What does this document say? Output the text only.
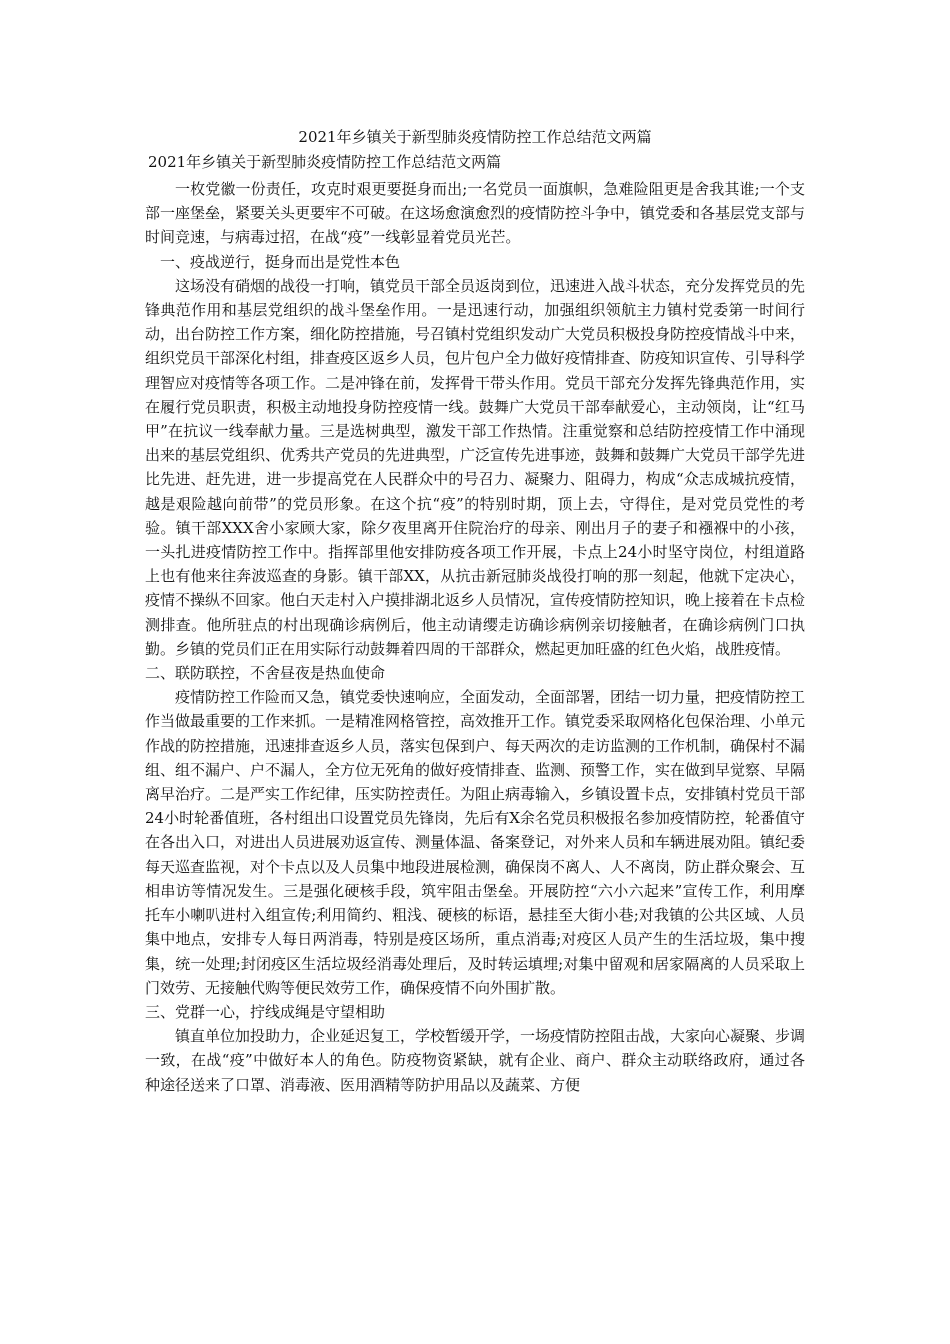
2021年乡镇关于新型肺炎疫情防控工作总结范文两篇
2021年乡镇关于新型肺炎疫情防控工作总结范文两篇

一枚党徽一份责任，攻克时艰更要挺身而出;一名党员一面旗帜，急难险阻更是舍我其谁;一个支部一座堡垒，紧要关头更要牢不可破。在这场愈演愈烈的疫情防控斗争中，镇党委和各基层党支部与时间竞速，与病毒过招，在战“疫”一线彰显着党员光芒。

一、疫战逆行，挺身而出是党性本色

这场没有硝烟的战役一打响，镇党员干部全员返岗到位，迅速进入战斗状态，充分发挥党员的先锋典范作用和基层党组织的战斗堡垒作用。一是迅速行动，加强组织领航主力镇村党委第一时间行动，出台防控工作方案，细化防控措施，号召镇村党组织发动广大党员积极投身防控疫情战斗中来，组织党员干部深化村组，排查疫区返乡人员，包片包户全力做好疫情排查、防疫知识宣传、引导科学理智应对疫情等各项工作。二是冲锋在前，发挥骨干带头作用。党员干部充分发挥先锋典范作用，实在履行党员职责，积极主动地投身防控疫情一线。鼓舞广大党员干部奉献爱心，主动领岗，让“红马甲”在抗议一线奉献力量。三是选树典型，激发干部工作热情。注重觉察和总结防控疫情工作中涌现出来的基层党组织、优秀共产党员的先进典型，广泛宣传先进事迹，鼓舞和鼓舞广大党员干部学先进比先进、赶先进，进一步提高党在人民群众中的号召力、凝聚力、阻碍力，构成“众志成城抗疫情，越是艰险越向前带”的党员形象。在这个抗“疫”的特别时期，顶上去，守得住，是对党员党性的考验。镇干部XXX舍小家顾大家，除夕夜里离开住院治疗的母亲、刚出月子的妻子和襁褓中的小孩，一头扎进疫情防控工作中。指挥部里他安排防疫各项工作开展，卡点上24小时坚守岗位，村组道路上也有他来往奔波巡查的身影。镇干部XX，从抗击新冠肺炎战役打响的那一刻起，他就下定决心，疫情不操纵不回家。他白天走村入户摸排湖北返乡人员情况，宣传疫情防控知识，晚上接着在卡点检测排查。他所驻点的村出现确诊病例后，他主动请缨走访确诊病例亲切接触者，在确诊病例门口执勤。乡镇的党员们正在用实际行动鼓舞着四周的干部群众，燃起更加旺盛的红色火焰，战胜疫情。

二、联防联控，不舍昼夜是热血使命

疫情防控工作险而又急，镇党委快速响应，全面发动，全面部署，团结一切力量，把疫情防控工作当做最重要的工作来抓。一是精准网格管控，高效推开工作。镇党委采取网格化包保治理、小单元作战的防控措施，迅速排查返乡人员，落实包保到户、每天两次的走访监测的工作机制，确保村不漏组、组不漏户、户不漏人，全方位无死角的做好疫情排查、监测、预警工作，实在做到早觉察、早隔离早治疗。二是严实工作纪律，压实防控责任。为阻止病毒输入，乡镇设置卡点，安排镇村党员干部24小时轮番值班，各村组出口设置党员先锋岗，先后有X余名党员积极报名参加疫情防控，轮番值守在各出入口，对进出人员进展劝返宣传、测量体温、备案登记，对外来人员和车辆进展劝阻。镇纪委每天巡查监视，对个卡点以及人员集中地段进展检测，确保岗不离人、人不离岗，防止群众聚会、互相串访等情况发生。三是强化硬核手段，筑牢阻击堡垒。开展防控“六小六起来”宣传工作，利用摩托车小喇叭进村入组宣传;利用简约、粗浅、硬核的标语，悬挂至大街小巷;对我镇的公共区域、人员集中地点，安排专人每日两消毒，特别是疫区场所，重点消毒;对疫区人员产生的生活垃圾，集中搜集，统一处理;封闭疫区生活垃圾经消毒处理后，及时转运填埋;对集中留观和居家隔离的人员采取上门效劳、无接触代购等便民效劳工作，确保疫情不向外围扩散。

三、党群一心，拧线成绳是守望相助

镇直单位加投助力，企业延迟复工，学校暂缓开学，一场疫情防控阻击战，大家向心凝聚、步调一致，在战“疫”中做好本人的角色。防疫物资紧缺，就有企业、商户、群众主动联络政府，通过各种途径送来了口罩、消毒液、医用酒精等防护用品以及蔬菜、方便
